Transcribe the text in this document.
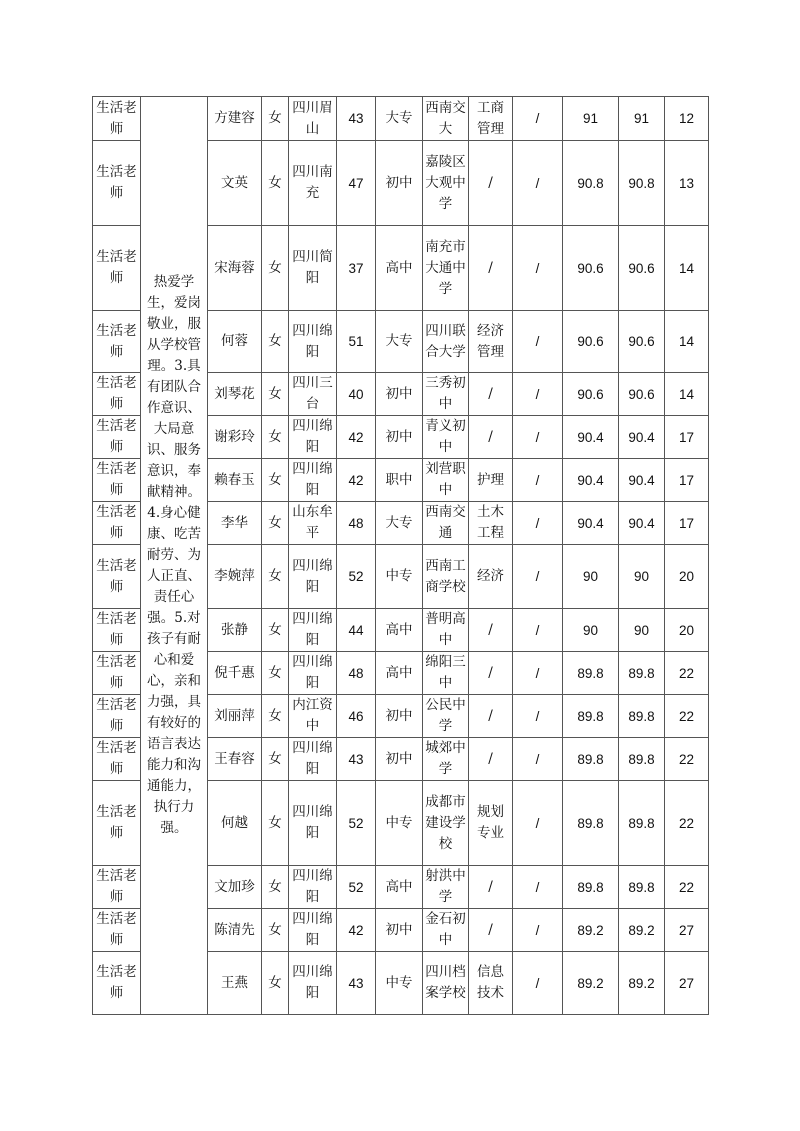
生活老师	热爱学生，爱岗敬业，服从学校管理。3.具有团队合作意识、大局意识、服务意识，奉献精神。4.身心健康、吃苦耐劳、为人正直、责任心强。5.对孩子有耐心和爱心，亲和力强，具有较好的语言表达能力和沟通能力，执行力强。	方建容	女	四川眉山	43	大专	西南交大	工商管理	/	91	91	12
生活老师		文英	女	四川南充	47	初中	嘉陵区大观中学	/	/	90.8	90.8	13
生活老师		宋海蓉	女	四川简阳	37	高中	南充市大通中学	/	/	90.6	90.6	14
生活老师		何蓉	女	四川绵阳	51	大专	四川联合大学	经济管理	/	90.6	90.6	14
生活老师		刘琴花	女	四川三台	40	初中	三秀初中	/	/	90.6	90.6	14
生活老师		谢彩玲	女	四川绵阳	42	初中	青义初中	/	/	90.4	90.4	17
生活老师		赖春玉	女	四川绵阳	42	职中	刘营职中	护理	/	90.4	90.4	17
生活老师		李华	女	山东牟平	48	大专	西南交通	土木工程	/	90.4	90.4	17
生活老师		李婉萍	女	四川绵阳	52	中专	西南工商学校	经济	/	90	90	20
生活老师		张静	女	四川绵阳	44	高中	普明高中	/	/	90	90	20
生活老师		倪千惠	女	四川绵阳	48	高中	绵阳三中	/	/	89.8	89.8	22
生活老师		刘丽萍	女	内江资中	46	初中	公民中学	/	/	89.8	89.8	22
生活老师		王春容	女	四川绵阳	43	初中	城郊中学	/	/	89.8	89.8	22
生活老师		何越	女	四川绵阳	52	中专	成都市建设学校	规划专业	/	89.8	89.8	22
生活老师		文加珍	女	四川绵阳	52	高中	射洪中学	/	/	89.8	89.8	22
生活老师		陈清先	女	四川绵阳	42	初中	金石初中	/	/	89.2	89.2	27
生活老师		王燕	女	四川绵阳	43	中专	四川档案学校	信息技术	/	89.2	89.2	27
